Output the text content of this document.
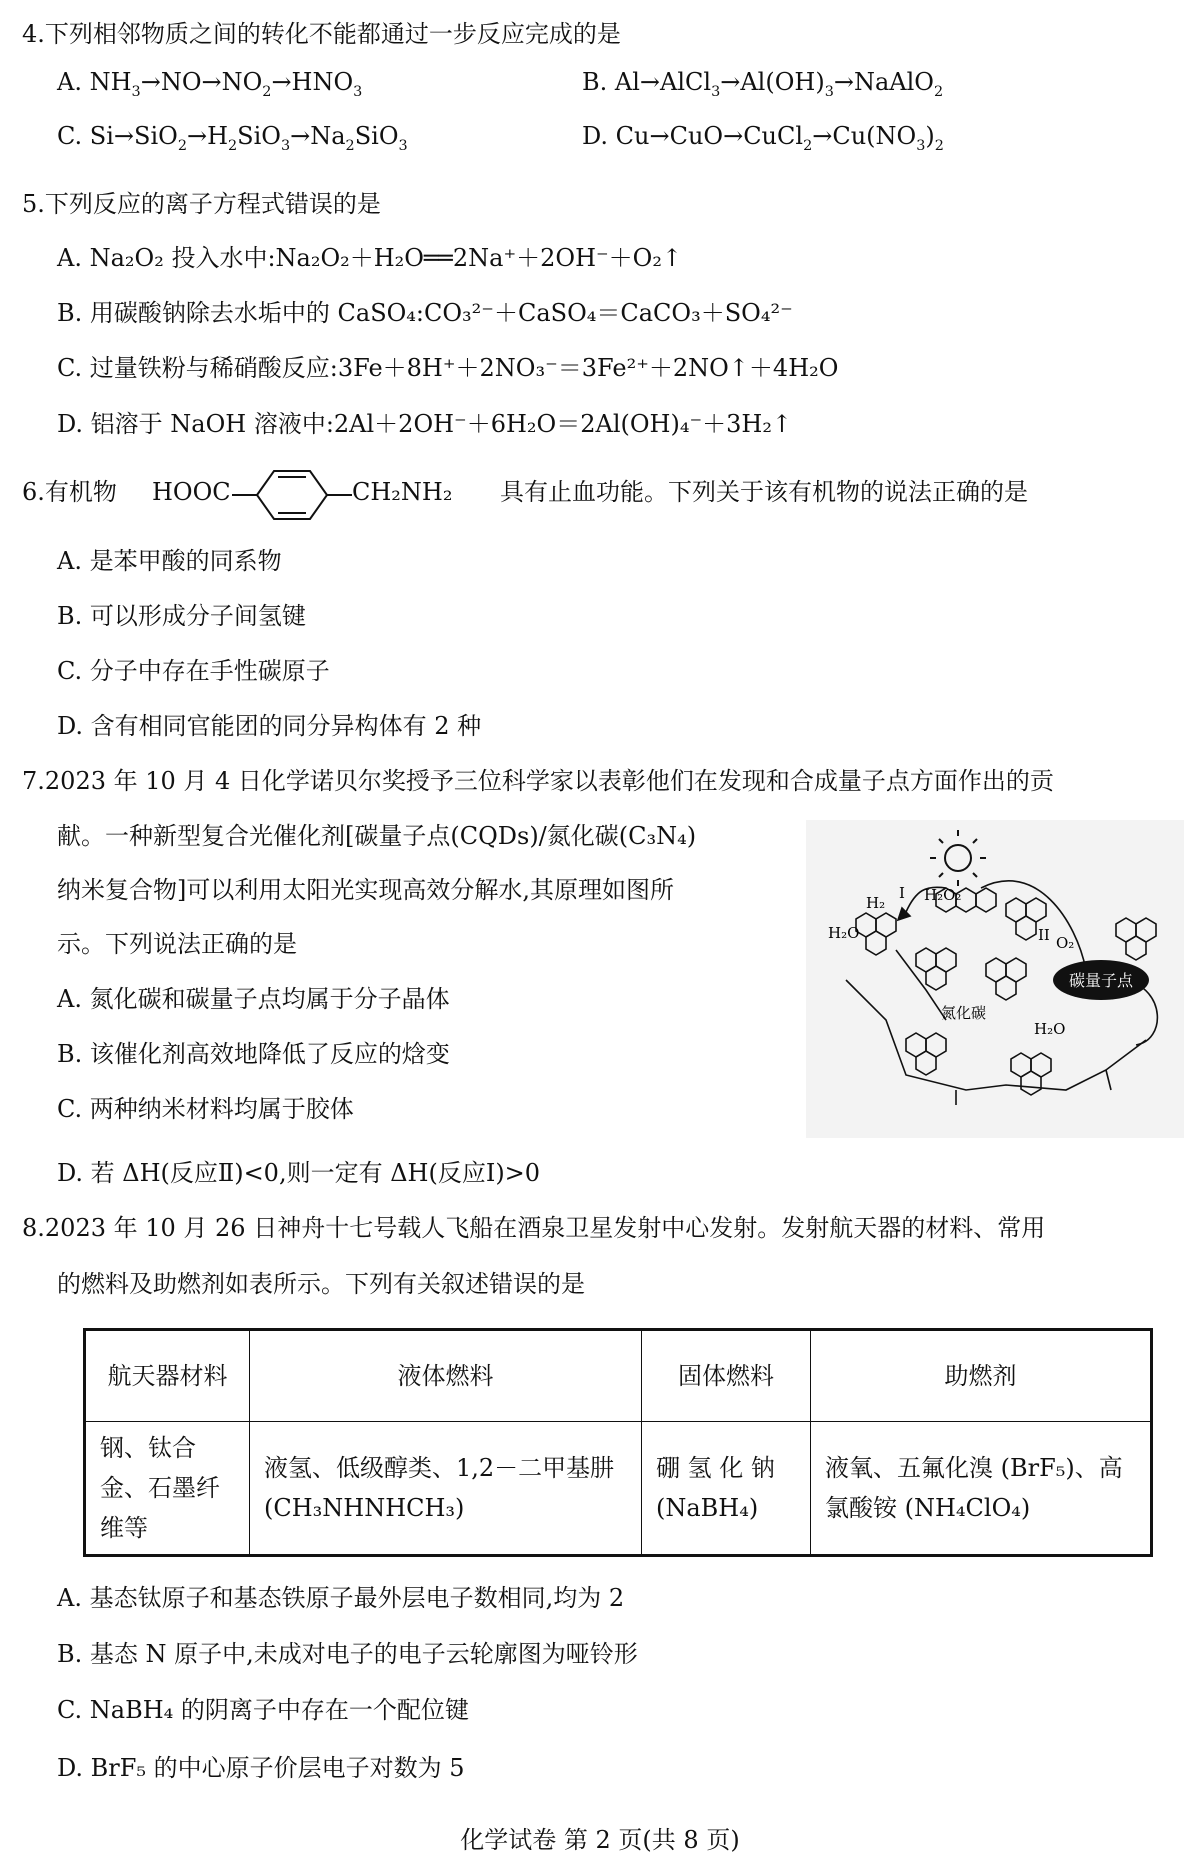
4.下列相邻物质之间的转化不能都通过一步反应完成的是
A. $NH_3\to NO\to NO_2\to HNO_3$	B. $Al\to AlCl_3\to Al(OH)_3\to NaAlO_2$
C. $Si\to SiO_2\to H_2SiO_3\to Na_2SiO_3$	D. $Cu\to CuO\to CuCl_2\to Cu(NO_3)_2$
5.下列反应的离子方程式错误的是
A. Na₂O₂ 投入水中:Na₂O₂＋H₂O══2Na⁺＋2OH⁻＋O₂↑
B. 用碳酸钠除去水垢中的 CaSO₄:CO₃²⁻＋CaSO₄＝CaCO₃＋SO₄²⁻
C. 过量铁粉与稀硝酸反应:3Fe＋8H⁺＋2NO₃⁻＝3Fe²⁺＋2NO↑＋4H₂O
D. 铝溶于 NaOH 溶液中:2Al＋2OH⁻＋6H₂O＝2Al(OH)₄⁻＋3H₂↑
6.有机物 HOOC	CH₂NH₂ 具有止血功能。下列关于该有机物的说法正确的是
A. 是苯甲酸的同系物
B. 可以形成分子间氢键
C. 分子中存在手性碳原子
D. 含有相同官能团的同分异构体有 2 种
7.2023 年 10 月 4 日化学诺贝尔奖授予三位科学家以表彰他们在发现和合成量子点方面作出的贡
献。一种新型复合光催化剂[碳量子点(CQDs)/氮化碳(C₃N₄)
纳米复合物]可以利用太阳光实现高效分解水,其原理如图所
示。下列说法正确的是
A. 氮化碳和碳量子点均属于分子晶体
B. 该催化剂高效地降低了反应的焓变
C. 两种纳米材料均属于胶体
D. 若 ΔH(反应Ⅱ)<0,则一定有 ΔH(反应Ⅰ)>0
碳量子点
氮化碳
H₂
I H₂O₂
H₂O	II O₂
H₂O
8.2023 年 10 月 26 日神舟十七号载人飞船在酒泉卫星发射中心发射。发射航天器的材料、常用
的燃料及助燃剂如表所示。下列有关叙述错误的是
航天器材料	液体燃料	固体燃料	助燃剂
钢、钛合金、石墨纤维等	液氢、低级醇类、1,2－二甲基肼 (CH₃NHNHCH₃)	硼 氢 化 钠 (NaBH₄)	液氧、五氟化溴 (BrF₅)、高氯酸铵 (NH₄ClO₄)
A. 基态钛原子和基态铁原子最外层电子数相同,均为 2
B. 基态 N 原子中,未成对电子的电子云轮廓图为哑铃形
C. NaBH₄ 的阴离子中存在一个配位键
D. BrF₅ 的中心原子价层电子对数为 5
化学试卷 第 2 页(共 8 页)
